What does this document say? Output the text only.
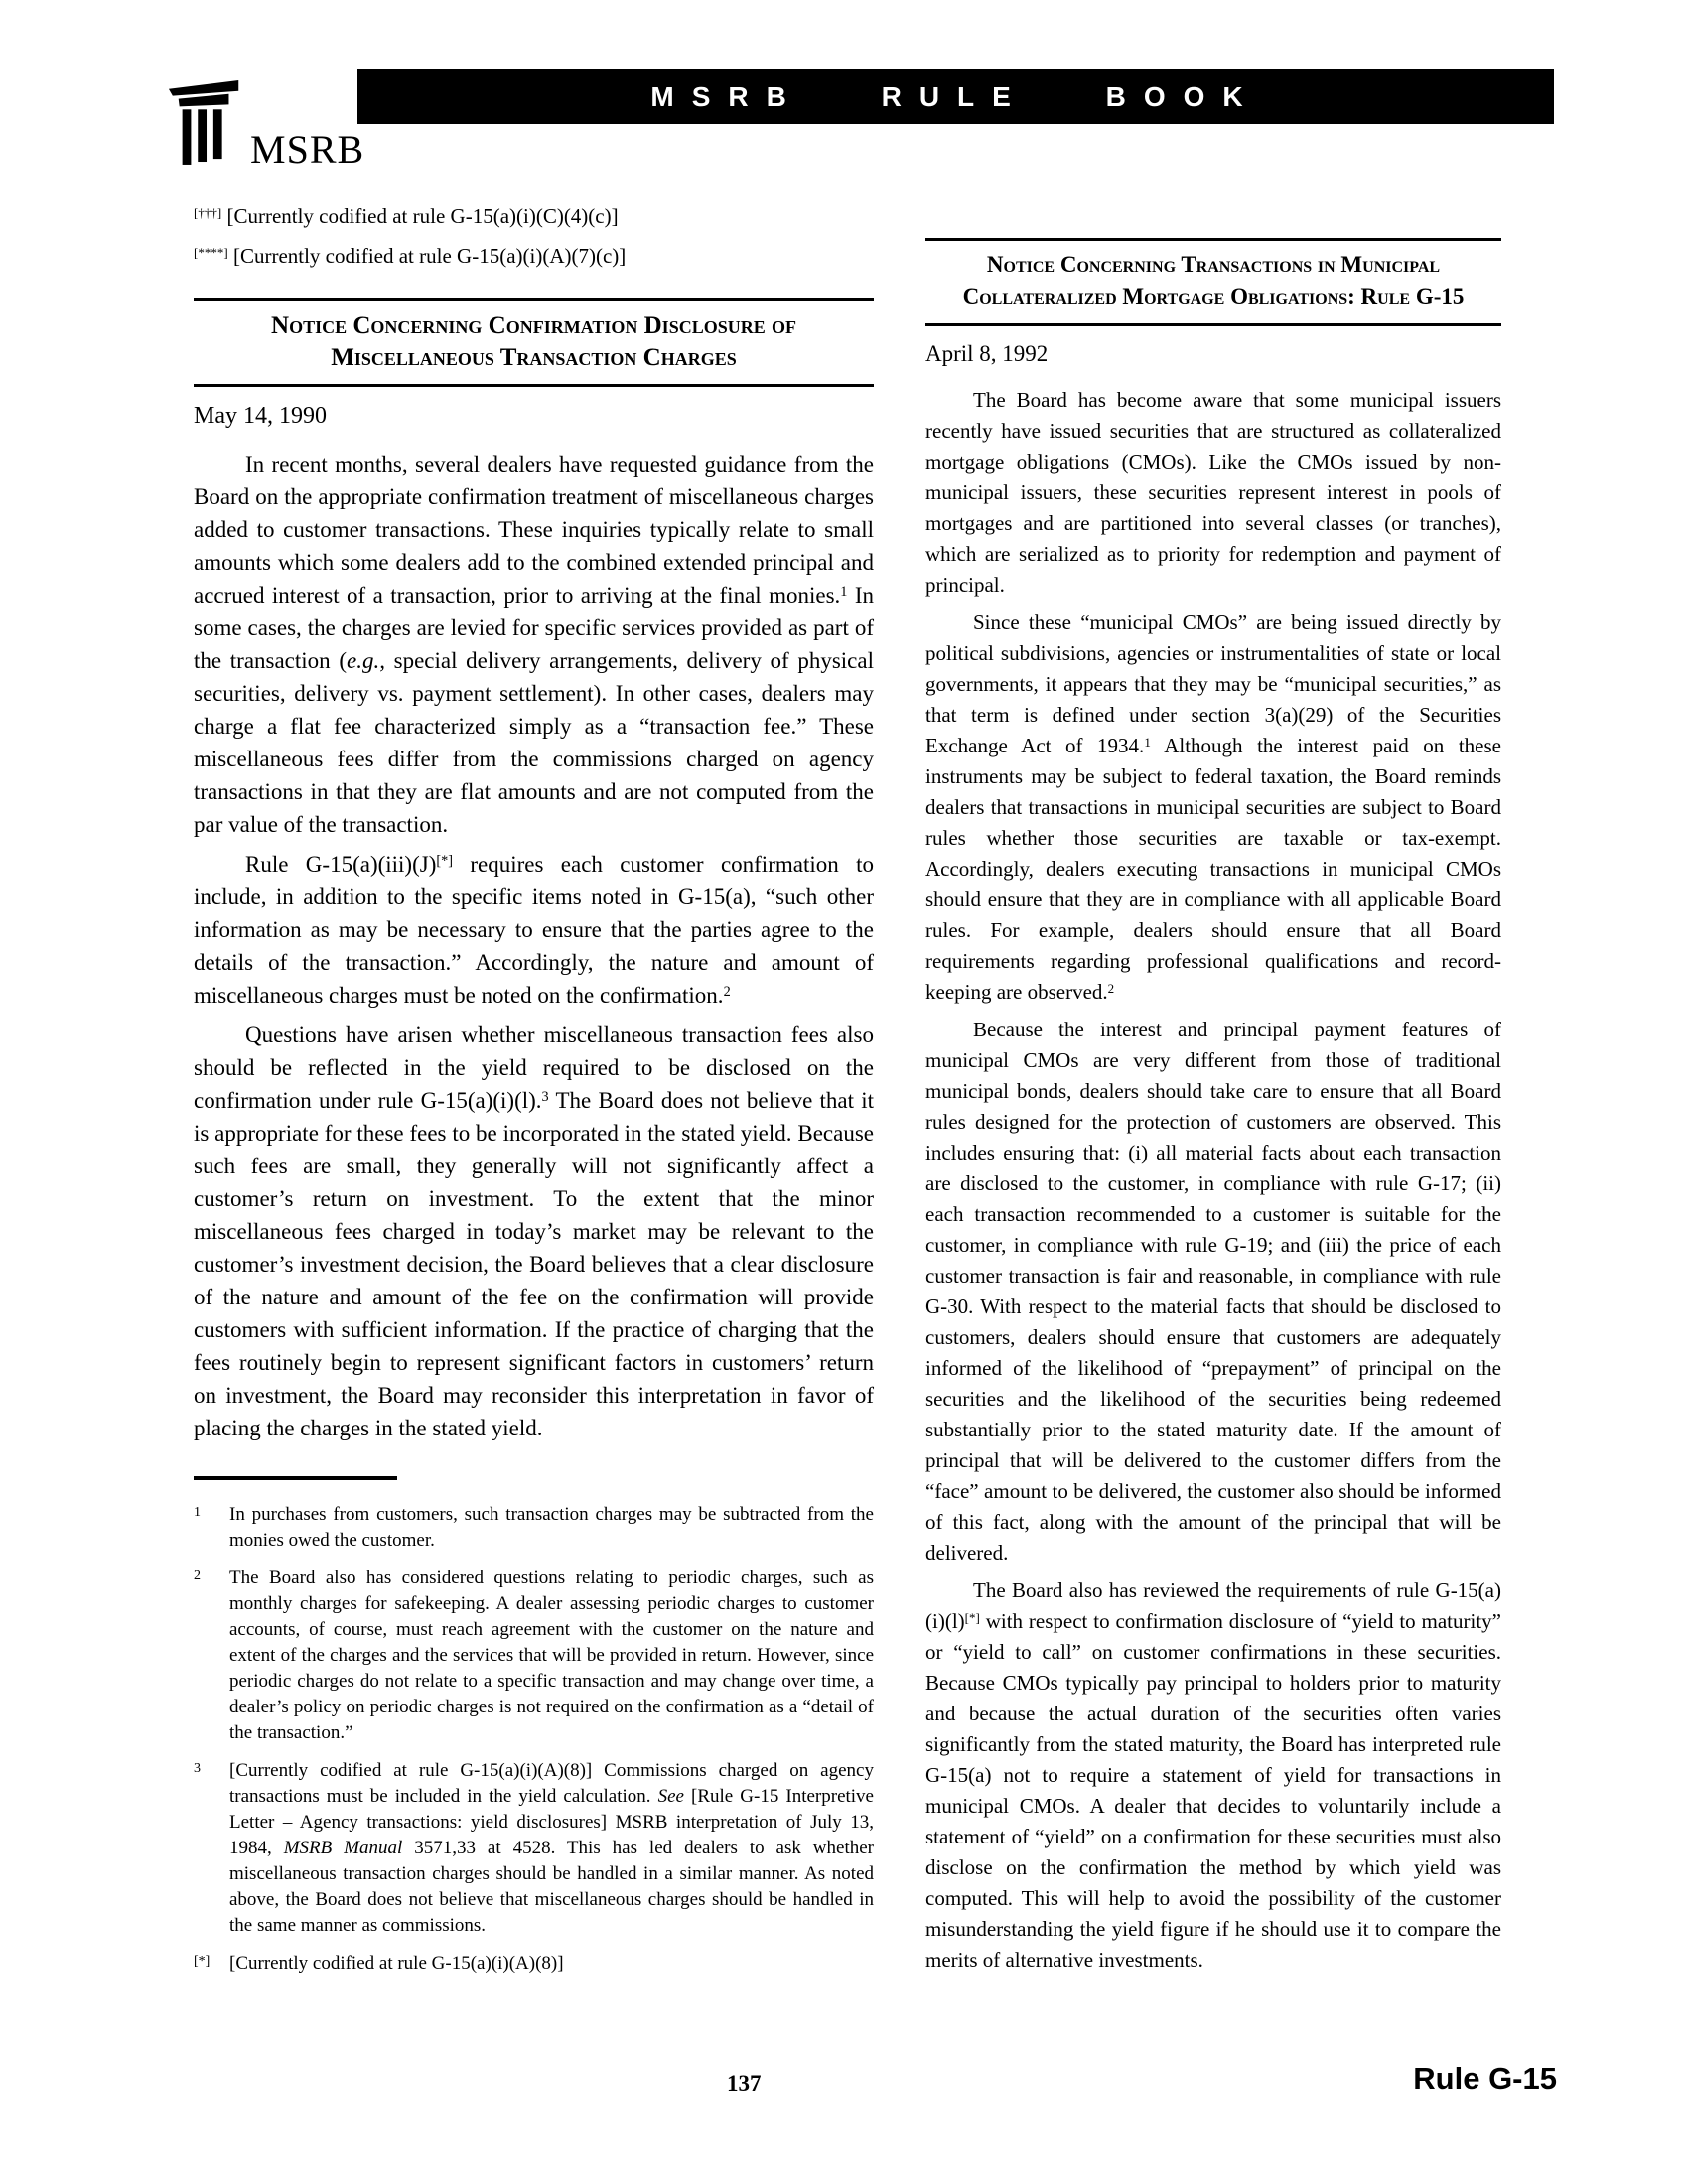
MSRB
MSRB RULE BOOK
[†††] [Currently codified at rule G-15(a)(i)(C)(4)(c)]
[****] [Currently codified at rule G-15(a)(i)(A)(7)(c)]
Notice Concerning Confirmation Disclosure of
Miscellaneous Transaction Charges
May 14, 1990

In recent months, several dealers have requested guidance from the Board on the appropriate confirmation treatment of miscellaneous charges added to customer transactions. These inquiries typically relate to small amounts which some dealers add to the combined extended principal and accrued interest of a transaction, prior to arriving at the final monies.$^1$ In some cases, the charges are levied for specific services provided as part of the transaction (e.g., special delivery arrangements, delivery of physical securities, delivery vs. payment settlement). In other cases, dealers may charge a flat fee characterized simply as a “transaction fee.” These miscellaneous fees differ from the commissions charged on agency transactions in that they are flat amounts and are not computed from the par value of the transaction.

Rule G-15(a)(iii)(J)[*] requires each customer confirmation to include, in addition to the specific items noted in G-15(a), “such other information as may be necessary to ensure that the parties agree to the details of the transaction.” Accordingly, the nature and amount of miscellaneous charges must be noted on the confirmation.$^2$

Questions have arisen whether miscellaneous transaction fees also should be reflected in the yield required to be disclosed on the confirmation under rule G-15(a)(i)(l).$^3$ The Board does not believe that it is appropriate for these fees to be incorporated in the stated yield. Because such fees are small, they generally will not significantly affect a customer’s return on investment. To the extent that the minor miscellaneous fees charged in today’s market may be relevant to the customer’s investment decision, the Board believes that a clear disclosure of the nature and amount of the fee on the confirmation will provide customers with sufficient information. If the practice of charging that the fees routinely begin to represent significant factors in customers’ return on investment, the Board may reconsider this interpretation in favor of placing the charges in the stated yield.

1	In purchases from customers, such transaction charges may be subtracted from the monies owed the customer.
2	The Board also has considered questions relating to periodic charges, such as monthly charges for safekeeping. A dealer assessing periodic charges to customer accounts, of course, must reach agreement with the customer on the nature and extent of the charges and the services that will be provided in return. However, since periodic charges do not relate to a specific transaction and may change over time, a dealer’s policy on periodic charges is not required on the confirmation as a “detail of the transaction.”
3	[Currently codified at rule G-15(a)(i)(A)(8)] Commissions charged on agency transactions must be included in the yield calculation. See [Rule G-15 Interpretive Letter – Agency transactions: yield disclosures] MSRB interpretation of July 13, 1984, MSRB Manual 3571,33 at 4528. This has led dealers to ask whether miscellaneous transaction charges should be handled in a similar manner. As noted above, the Board does not believe that miscellaneous charges should be handled in the same manner as commissions.
[*]	[Currently codified at rule G-15(a)(i)(A)(8)]
Notice Concerning Transactions in Municipal
Collateralized Mortgage Obligations: Rule G-15
April 8, 1992

The Board has become aware that some municipal issuers recently have issued securities that are structured as collateralized mortgage obligations (CMOs). Like the CMOs issued by non-municipal issuers, these securities represent interest in pools of mortgages and are partitioned into several classes (or tranches), which are serialized as to priority for redemption and payment of principal.

Since these “municipal CMOs” are being issued directly by political subdivisions, agencies or instrumentalities of state or local governments, it appears that they may be “municipal securities,” as that term is defined under section 3(a)(29) of the Securities Exchange Act of 1934.$^1$ Although the interest paid on these instruments may be subject to federal taxation, the Board reminds dealers that transactions in municipal securities are subject to Board rules whether those securities are taxable or tax-exempt. Accordingly, dealers executing transactions in municipal CMOs should ensure that they are in compliance with all applicable Board rules. For example, dealers should ensure that all Board requirements regarding professional qualifications and record-keeping are observed.$^2$

Because the interest and principal payment features of municipal CMOs are very different from those of traditional municipal bonds, dealers should take care to ensure that all Board rules designed for the protection of customers are observed. This includes ensuring that: (i) all material facts about each transaction are disclosed to the customer, in compliance with rule G-17; (ii) each transaction recommended to a customer is suitable for the customer, in compliance with rule G-19; and (iii) the price of each customer transaction is fair and reasonable, in compliance with rule G-30. With respect to the material facts that should be disclosed to customers, dealers should ensure that customers are adequately informed of the likelihood of “prepayment” of principal on the securities and the likelihood of the securities being redeemed substantially prior to the stated maturity date. If the amount of principal that will be delivered to the customer differs from the “face” amount to be delivered, the customer also should be informed of this fact, along with the amount of the principal that will be delivered.

The Board also has reviewed the requirements of rule G-15(a)(i)(l)[*] with respect to confirmation disclosure of “yield to maturity” or “yield to call” on customer confirmations in these securities. Because CMOs typically pay principal to holders prior to maturity and because the actual duration of the securities often varies significantly from the stated maturity, the Board has interpreted rule G-15(a) not to require a statement of yield for transactions in municipal CMOs. A dealer that decides to voluntarily include a statement of “yield” on a confirmation for these securities must also disclose on the confirmation the method by which yield was computed. This will help to avoid the possibility of the customer misunderstanding the yield figure if he should use it to compare the merits of alternative investments.

137	Rule G-15
